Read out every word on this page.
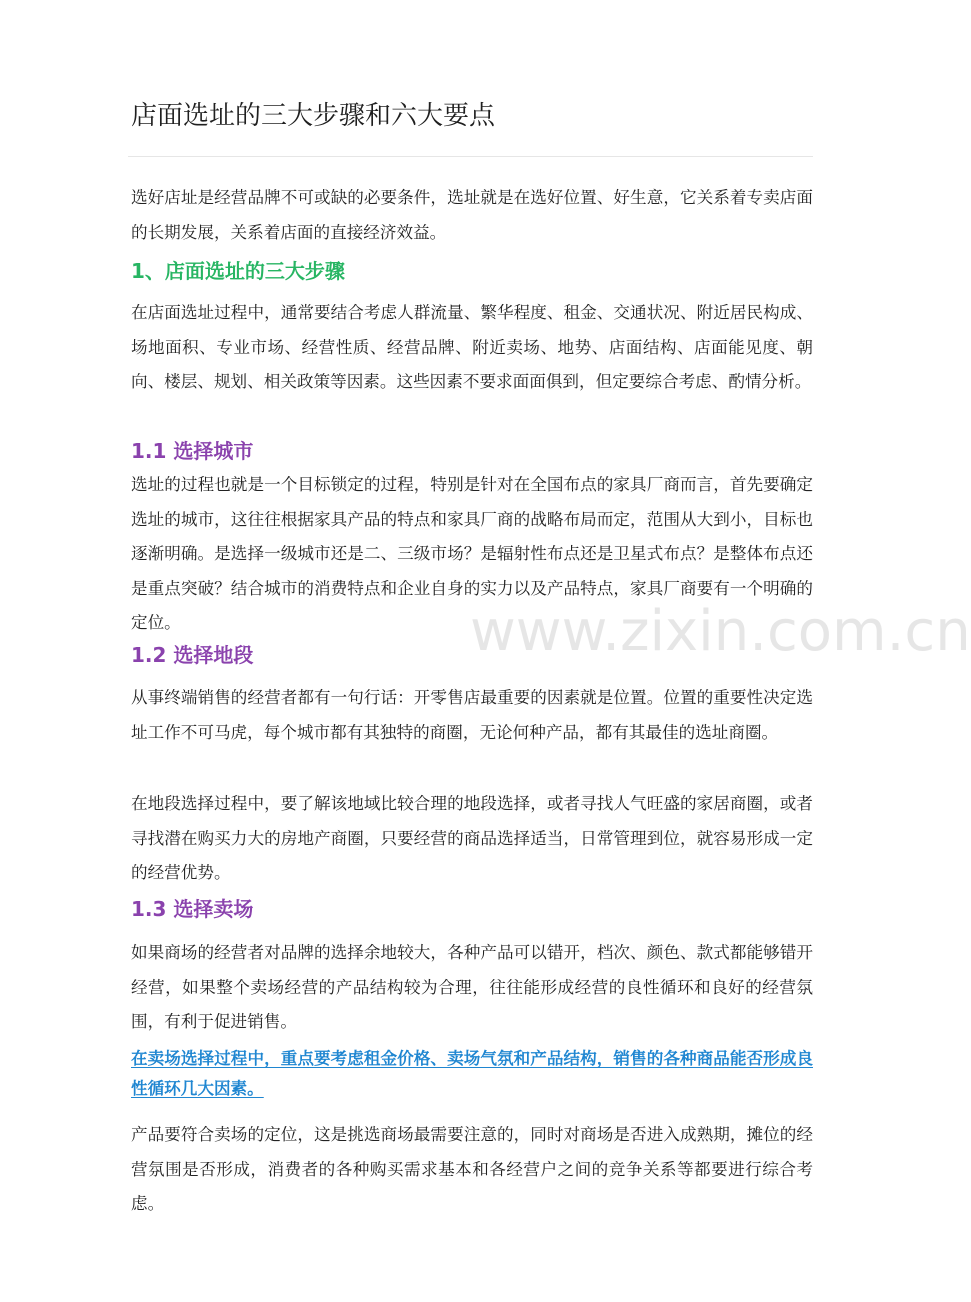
店面选址的三大步骤和六大要点
选好店址是经营品牌不可或缺的必要条件，选址就是在选好位置、好生意，它关系着专卖店面的长期发展，关系着店面的直接经济效益。
1、店面选址的三大步骤
在店面选址过程中，通常要结合考虑人群流量、繁华程度、租金、交通状况、附近居民构成、场地面积、专业市场、经营性质、经营品牌、附近卖场、地势、店面结构、店面能见度、朝向、楼层、规划、相关政策等因素。这些因素不要求面面俱到，但定要综合考虑、酌情分析。
1.1 选择城市
选址的过程也就是一个目标锁定的过程，特别是针对在全国布点的家具厂商而言，首先要确定选址的城市，这往往根据家具产品的特点和家具厂商的战略布局而定，范围从大到小，目标也逐渐明确。是选择一级城市还是二、三级市场？是辐射性布点还是卫星式布点？是整体布点还是重点突破？结合城市的消费特点和企业自身的实力以及产品特点，家具厂商要有一个明确的定位。
1.2 选择地段
从事终端销售的经营者都有一句行话：开零售店最重要的因素就是位置。位置的重要性决定选址工作不可马虎，每个城市都有其独特的商圈，无论何种产品，都有其最佳的选址商圈。
在地段选择过程中，要了解该地域比较合理的地段选择，或者寻找人气旺盛的家居商圈，或者寻找潜在购买力大的房地产商圈，只要经营的商品选择适当，日常管理到位，就容易形成一定的经营优势。
1.3 选择卖场
如果商场的经营者对品牌的选择余地较大，各种产品可以错开，档次、颜色、款式都能够错开经营，如果整个卖场经营的产品结构较为合理，往往能形成经营的良性循环和良好的经营氛围，有利于促进销售。
在卖场选择过程中，重点要考虑租金价格、卖场气氛和产品结构，销售的各种商品能否形成良性循环几大因素。
产品要符合卖场的定位，这是挑选商场最需要注意的，同时对商场是否进入成熟期，摊位的经营氛围是否形成，消费者的各种购买需求基本和各经营户之间的竞争关系等都要进行综合考虑。
www.zixin.com.cn
